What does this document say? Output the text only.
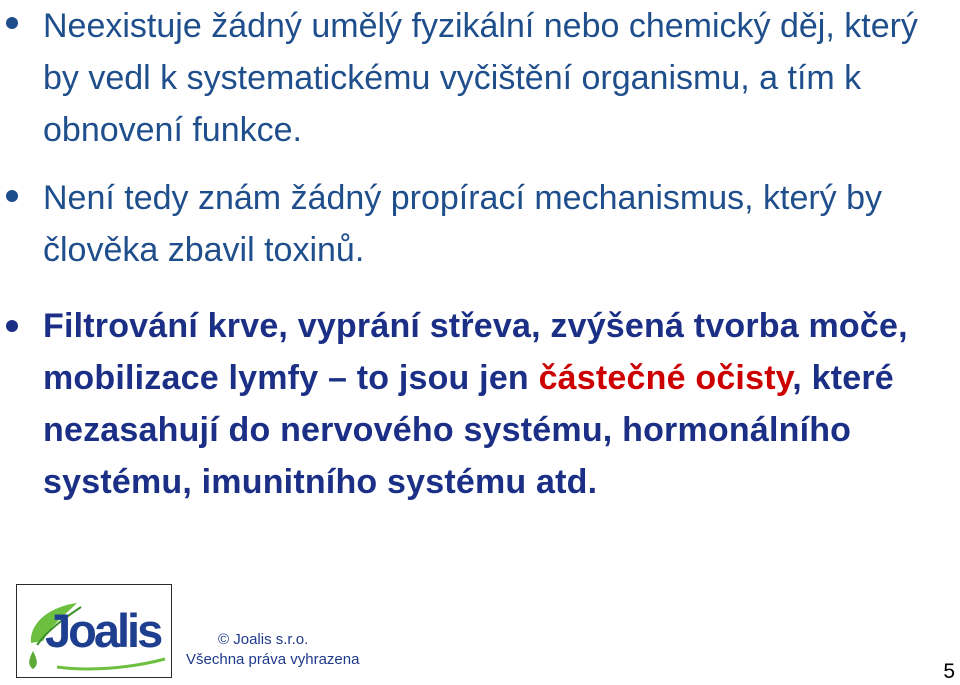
Neexistuje žádný umělý fyzikální nebo chemický děj, který by vedl k systematickému vyčištění organismu, a tím k obnovení funkce.

Není tedy znám žádný propírací mechanismus, který by člověka zbavil toxinů.

Filtrování krve, vyprání střeva, zvýšená tvorba moče, mobilizace lymfy – to jsou jen částečné očisty, které nezasahují do nervového systému, hormonálního systému, imunitního systému atd.

Joalis	© Joalis s.r.o.
Všechna práva vyhrazena
5
